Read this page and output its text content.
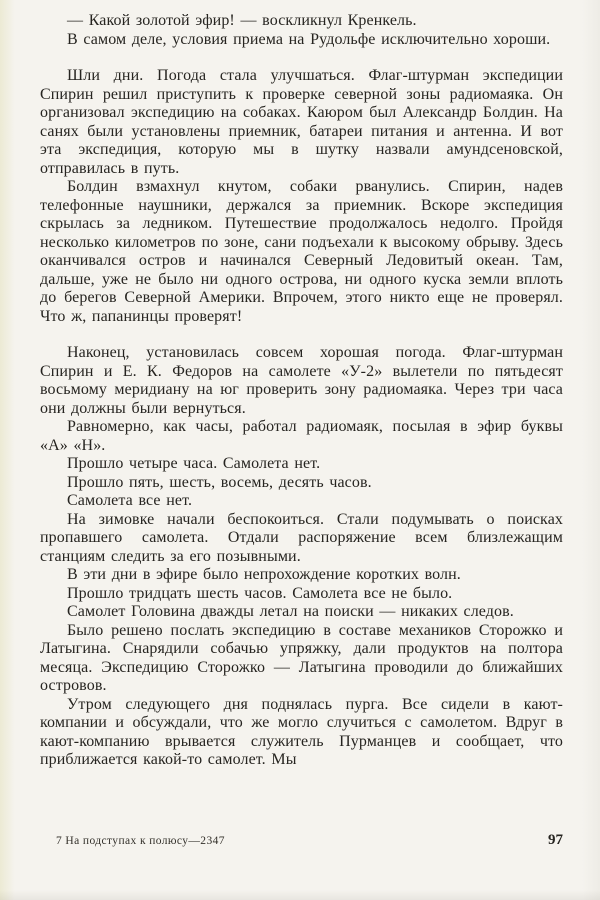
— Какой золотой эфир! — воскликнул Кренкель.

В самом деле, условия приема на Рудольфе исключительно хороши.

Шли дни. Погода стала улучшаться. Флаг-штурман экспедиции Спирин решил приступить к проверке северной зоны радиомаяка. Он организовал экспедицию на собаках. Каюром был Александр Болдин. На санях были установлены приемник, батареи питания и антенна. И вот эта экспедиция, которую мы в шутку назвали амундсеновской, отправилась в путь.

Болдин взмахнул кнутом, собаки рванулись. Спирин, надев телефонные наушники, держался за приемник. Вскоре экспедиция скрылась за ледником. Путешествие продолжалось недолго. Пройдя несколько километров по зоне, сани подъехали к высокому обрыву. Здесь оканчивался остров и начинался Северный Ледовитый океан. Там, дальше, уже не было ни одного острова, ни одного куска земли вплоть до берегов Северной Америки. Впрочем, этого никто еще не проверял. Что ж, папанинцы проверят!

Наконец, установилась совсем хорошая погода. Флаг-штурман Спирин и Е. К. Федоров на самолете «У-2» вылетели по пятьдесят восьмому меридиану на юг проверить зону радиомаяка. Через три часа они должны были вернуться.

Равномерно, как часы, работал радиомаяк, посылая в эфир буквы «А» «Н».

Прошло четыре часа. Самолета нет.

Прошло пять, шесть, восемь, десять часов.

Самолета все нет.

На зимовке начали беспокоиться. Стали подумывать о поисках пропавшего самолета. Отдали распоряжение всем близлежащим станциям следить за его позывными.

В эти дни в эфире было непрохождение коротких волн.

Прошло тридцать шесть часов. Самолета все не было.

Самолет Головина дважды летал на поиски — никаких следов.

Было решено послать экспедицию в составе механиков Сторожко и Латыгина. Снарядили собачью упряжку, дали продуктов на полтора месяца. Экспедицию Сторожко — Латыгина проводили до ближайших островов.

Утром следующего дня поднялась пурга. Все сидели в кают-компании и обсуждали, что же могло случиться с самолетом. Вдруг в кают-компанию врывается служитель Пурманцев и сообщает, что приближается какой-то самолет. Мы

7 На подступах к полюсу—2347	97
